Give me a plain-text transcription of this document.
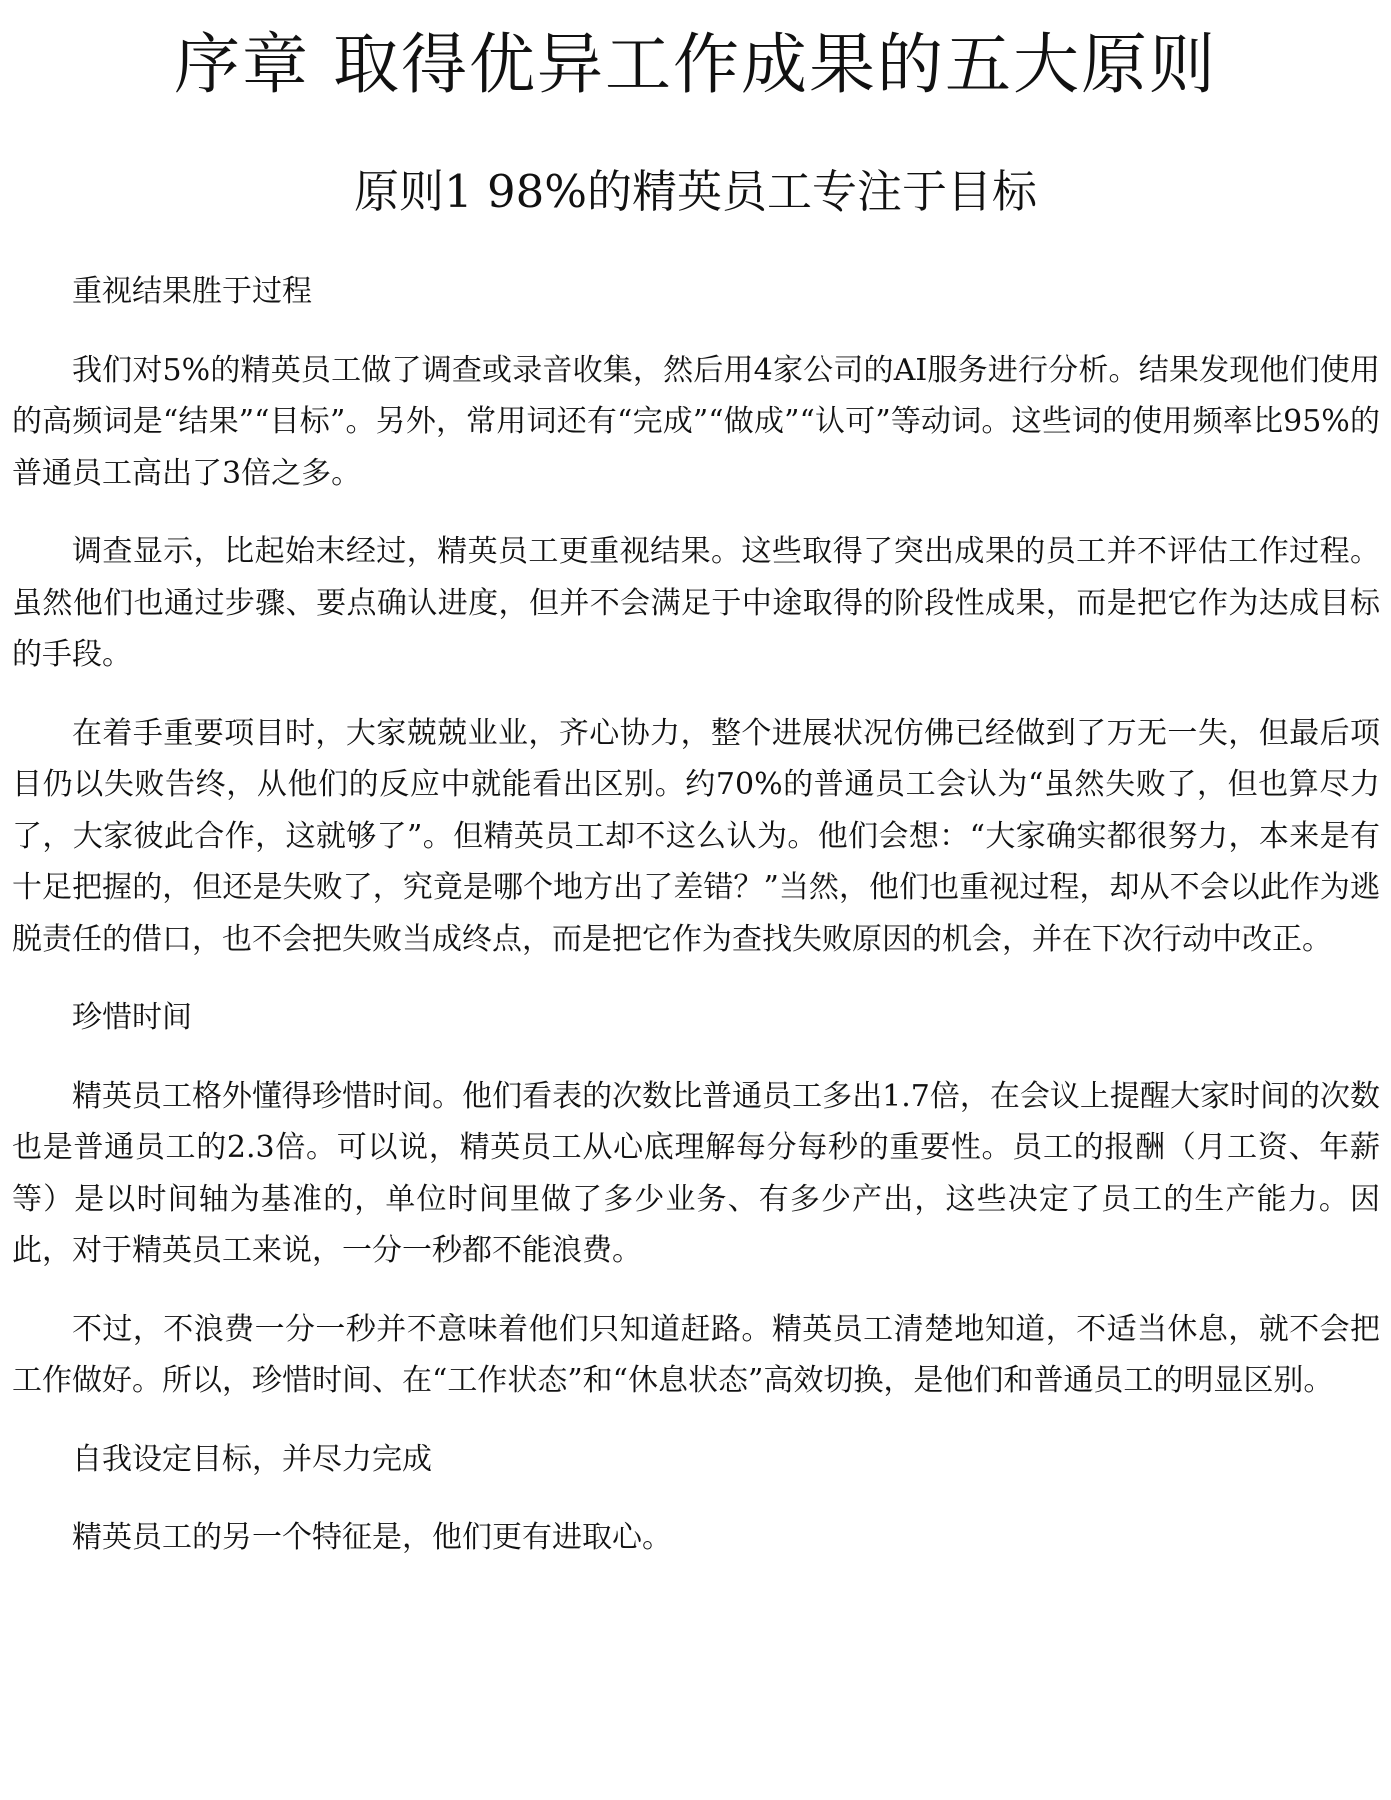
序章 取得优异工作成果的五大原则
原则1 98%的精英员工专注于目标

重视结果胜于过程

我们对5%的精英员工做了调查或录音收集，然后用4家公司的AI服务进行分析。结果发现他们使用的高频词是“结果”“目标”。另外，常用词还有“完成”“做成”“认可”等动词。这些词的使用频率比95%的普通员工高出了3倍之多。

调查显示，比起始末经过，精英员工更重视结果。这些取得了突出成果的员工并不评估工作过程。虽然他们也通过步骤、要点确认进度，但并不会满足于中途取得的阶段性成果，而是把它作为达成目标的手段。

在着手重要项目时，大家兢兢业业，齐心协力，整个进展状况仿佛已经做到了万无一失，但最后项目仍以失败告终，从他们的反应中就能看出区别。约70%的普通员工会认为“虽然失败了，但也算尽力了，大家彼此合作，这就够了”。但精英员工却不这么认为。他们会想：“大家确实都很努力，本来是有十足把握的，但还是失败了，究竟是哪个地方出了差错？”当然，他们也重视过程，却从不会以此作为逃脱责任的借口，也不会把失败当成终点，而是把它作为查找失败原因的机会，并在下次行动中改正。

珍惜时间

精英员工格外懂得珍惜时间。他们看表的次数比普通员工多出1.7倍，在会议上提醒大家时间的次数也是普通员工的2.3倍。可以说，精英员工从心底理解每分每秒的重要性。员工的报酬（月工资、年薪等）是以时间轴为基准的，单位时间里做了多少业务、有多少产出，这些决定了员工的生产能力。因此，对于精英员工来说，一分一秒都不能浪费。

不过，不浪费一分一秒并不意味着他们只知道赶路。精英员工清楚地知道，不适当休息，就不会把工作做好。所以，珍惜时间、在“工作状态”和“休息状态”高效切换，是他们和普通员工的明显区别。

自我设定目标，并尽力完成

精英员工的另一个特征是，他们更有进取心。
